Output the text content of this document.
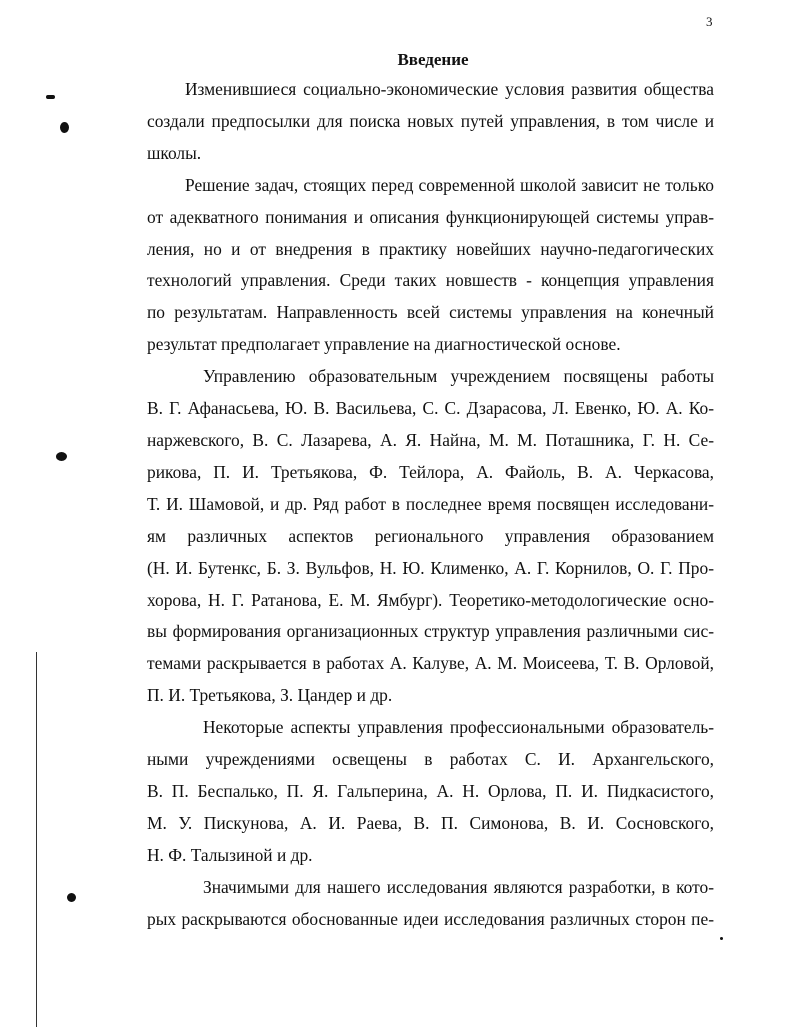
3
Введение
Изменившиеся социально-экономические условия развития общества
создали предпосылки для поиска новых путей управления, в том числе и
школы.
Решение задач, стоящих перед современной школой зависит не только
от адекватного понимания и описания функционирующей системы управ-
ления, но и от внедрения в практику новейших научно-педагогических
технологий управления. Среди таких новшеств - концепция управления
по результатам. Направленность всей системы управления на конечный
результат предполагает управление на диагностической основе.
Управлению образовательным учреждением посвящены работы
В. Г. Афанасьева, Ю. В. Васильева, С. С. Дзарасова, Л. Евенко, Ю. А. Ко-
наржевского, В. С. Лазарева, А. Я. Найна, М. М. Поташника, Г. Н. Се-
рикова, П. И. Третьякова, Ф. Тейлора, А. Файоль, В. А. Черкасова,
Т. И. Шамовой, и др. Ряд работ в последнее время посвящен исследовани-
ям различных аспектов регионального управления образованием
(Н. И. Бутенкс, Б. З. Вульфов, Н. Ю. Клименко, А. Г. Корнилов, О. Г. Про-
хорова, Н. Г. Ратанова, Е. М. Ямбург). Теоретико-методологические осно-
вы формирования организационных структур управления различными сис-
темами раскрывается в работах А. Калуве, А. М. Моисеева, Т. В. Орловой,
П. И. Третьякова, З. Цандер и др.
Некоторые аспекты управления профессиональными образователь-
ными учреждениями освещены в работах С. И. Архангельского,
В. П. Беспалько, П. Я. Гальперина, А. Н. Орлова, П. И. Пидкасистого,
М. У. Пискунова, А. И. Раева, В. П. Симонова, В. И. Сосновского,
Н. Ф. Талызиной и др.
Значимыми для нашего исследования являются разработки, в кото-
рых раскрываются обоснованные идеи исследования различных сторон пе-
